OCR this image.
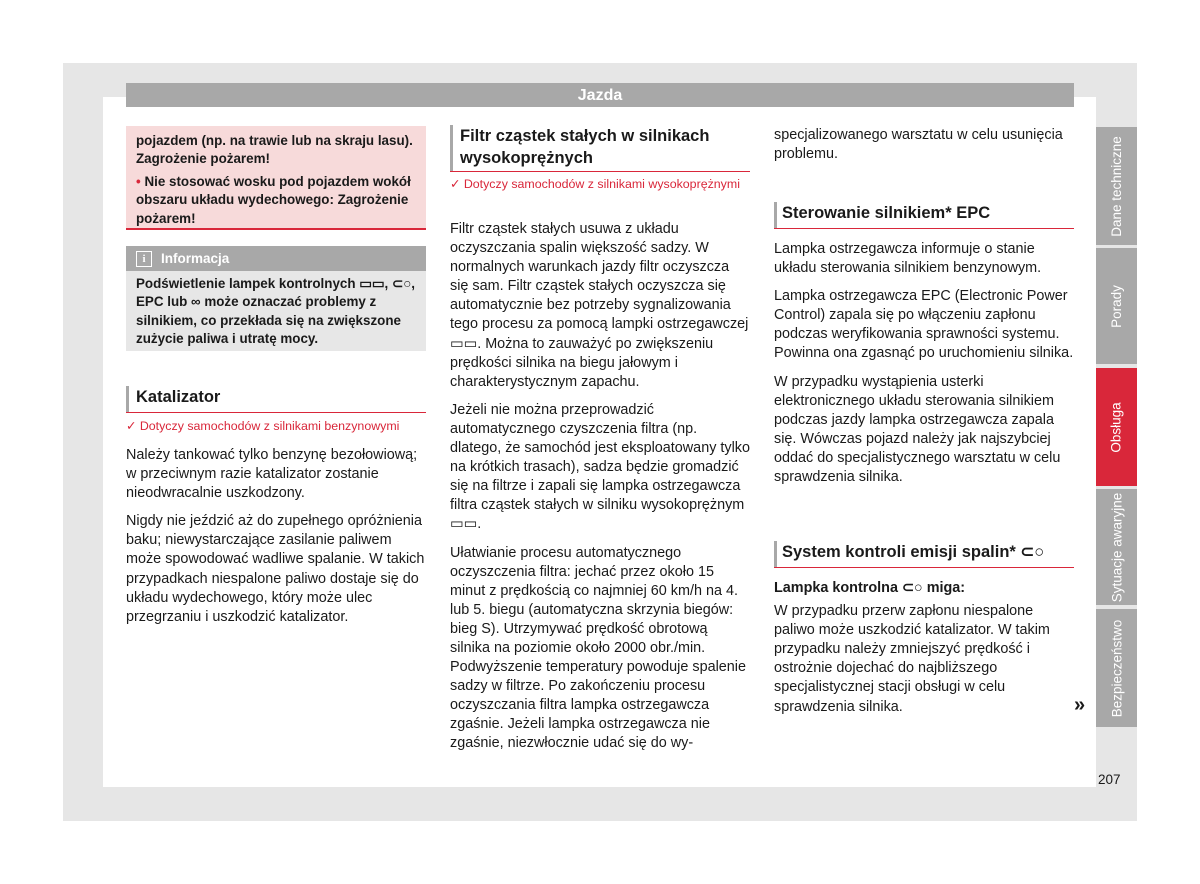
Jazda

pojazdem (np. na trawie lub na skraju lasu). Zagrożenie pożarem!

• Nie stosować wosku pod pojazdem wokół obszaru układu wydechowego: Zagrożenie pożarem!

i	Informacja
Podświetlenie lampek kontrolnych ▭▭, ⊂○, EPC lub ∞ może oznaczać problemy z silnikiem, co przekłada się na zwiększone zużycie paliwa i utratę mocy.
Katalizator
✓ Dotyczy samochodów z silnikami benzynowymi

Należy tankować tylko benzynę bezołowiową; w przeciwnym razie katalizator zostanie nieodwracalnie uszkodzony.

Nigdy nie jeździć aż do zupełnego opróżnienia baku; niewystarczające zasilanie paliwem może spowodować wadliwe spalanie. W takich przypadkach niespalone paliwo dostaje się do układu wydechowego, który może ulec przegrzaniu i uszkodzić katalizator.

Filtr cząstek stałych w silnikach wysokoprężnych
✓ Dotyczy samochodów z silnikami wysokoprężnymi

Filtr cząstek stałych usuwa z układu oczyszczania spalin większość sadzy. W normalnych warunkach jazdy filtr oczyszcza się sam. Filtr cząstek stałych oczyszcza się automatycznie bez potrzeby sygnalizowania tego procesu za pomocą lampki ostrzegawczej ▭▭. Można to zauważyć po zwiększeniu prędkości silnika na biegu jałowym i charakterystycznym zapachu.

Jeżeli nie można przeprowadzić automatycznego czyszczenia filtra (np. dlatego, że samochód jest eksploatowany tylko na krótkich trasach), sadza będzie gromadzić się na filtrze i zapali się lampka ostrzegawcza filtra cząstek stałych w silniku wysokoprężnym ▭▭.

Ułatwianie procesu automatycznego oczyszczenia filtra: jechać przez około 15 minut z prędkością co najmniej 60 km/h na 4. lub 5. biegu (automatyczna skrzynia biegów: bieg S). Utrzymywać prędkość obrotową silnika na poziomie około 2000 obr./min. Podwyższenie temperatury powoduje spalenie sadzy w filtrze. Po zakończeniu procesu oczyszczania filtra lampka ostrzegawcza zgaśnie. Jeżeli lampka ostrzegawcza nie zgaśnie, niezwłocznie udać się do wy-

specjalizowanego warsztatu w celu usunięcia problemu.

Sterowanie silnikiem* EPC

Lampka ostrzegawcza informuje o stanie układu sterowania silnikiem benzynowym.

Lampka ostrzegawcza EPC (Electronic Power Control) zapala się po włączeniu zapłonu podczas weryfikowania sprawności systemu. Powinna ona zgasnąć po uruchomieniu silnika.

W przypadku wystąpienia usterki elektronicznego układu sterowania silnikiem podczas jazdy lampka ostrzegawcza zapala się. Wówczas pojazd należy jak najszybciej oddać do specjalistycznego warsztatu w celu sprawdzenia silnika.

System kontroli emisji spalin* ⊂○

Lampka kontrolna ⊂○ miga:

W przypadku przerw zapłonu niespalone paliwo może uszkodzić katalizator. W takim przypadku należy zmniejszyć prędkość i ostrożnie dojechać do najbliższego specjalistycznej stacji obsługi w celu sprawdzenia silnika.	»
Dane techniczne
Porady
Obsługa
Sytuacje awaryjne
Bezpieczeństwo
207
